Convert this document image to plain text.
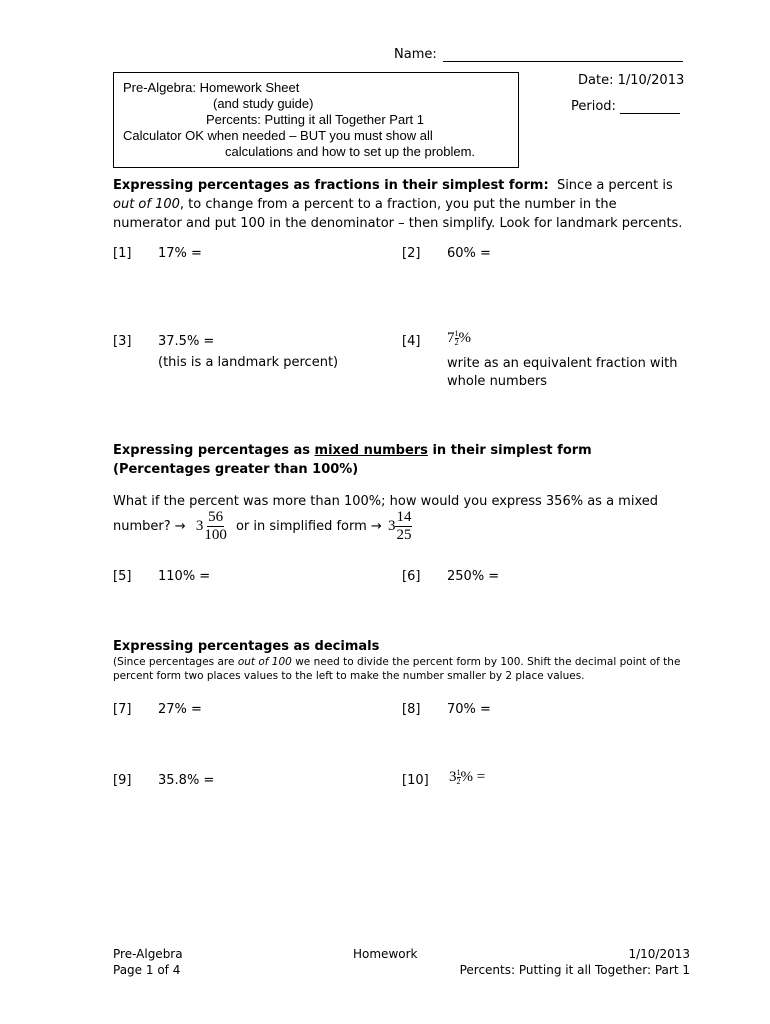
Name:
Pre-Algebra: Homework Sheet
(and study guide)
Percents: Putting it all Together Part 1
Calculator OK when needed – BUT you must show all
calculations and how to set up the problem.
Date: 1/10/2013
Period:
Expressing percentages as fractions in their simplest form: Since a percent is out of 100, to change from a percent to a fraction, you put the number in the numerator and put 100 in the denominator – then simplify. Look for landmark percents.
[1] 17% =	[2] 60% =
[3] 37.5% =
(this is a landmark percent)
[4] $7 \frac{1}{2}$ %
write as an equivalent fraction with whole numbers
Expressing percentages as mixed numbers in their simplest form (Percentages greater than 100%)
What if the percent was more than 100%; how would you express 356% as a mixed
number? → $3 \frac{56}{100}$ or in simplified form → $3 \frac{14}{25}$
[5] 110% =	[6] 250% =
Expressing percentages as decimals
(Since percentages are out of 100 we need to divide the percent form by 100. Shift the decimal point of the percent form two places values to the left to make the number smaller by 2 place values.
[7] 27% =	[8] 70% =
[9] 35.8% =	[10] $3 \frac{1}{2}$ % =
Pre-Algebra
Page 1 of 4
Homework	1/10/2013
Percents: Putting it all Together: Part 1
